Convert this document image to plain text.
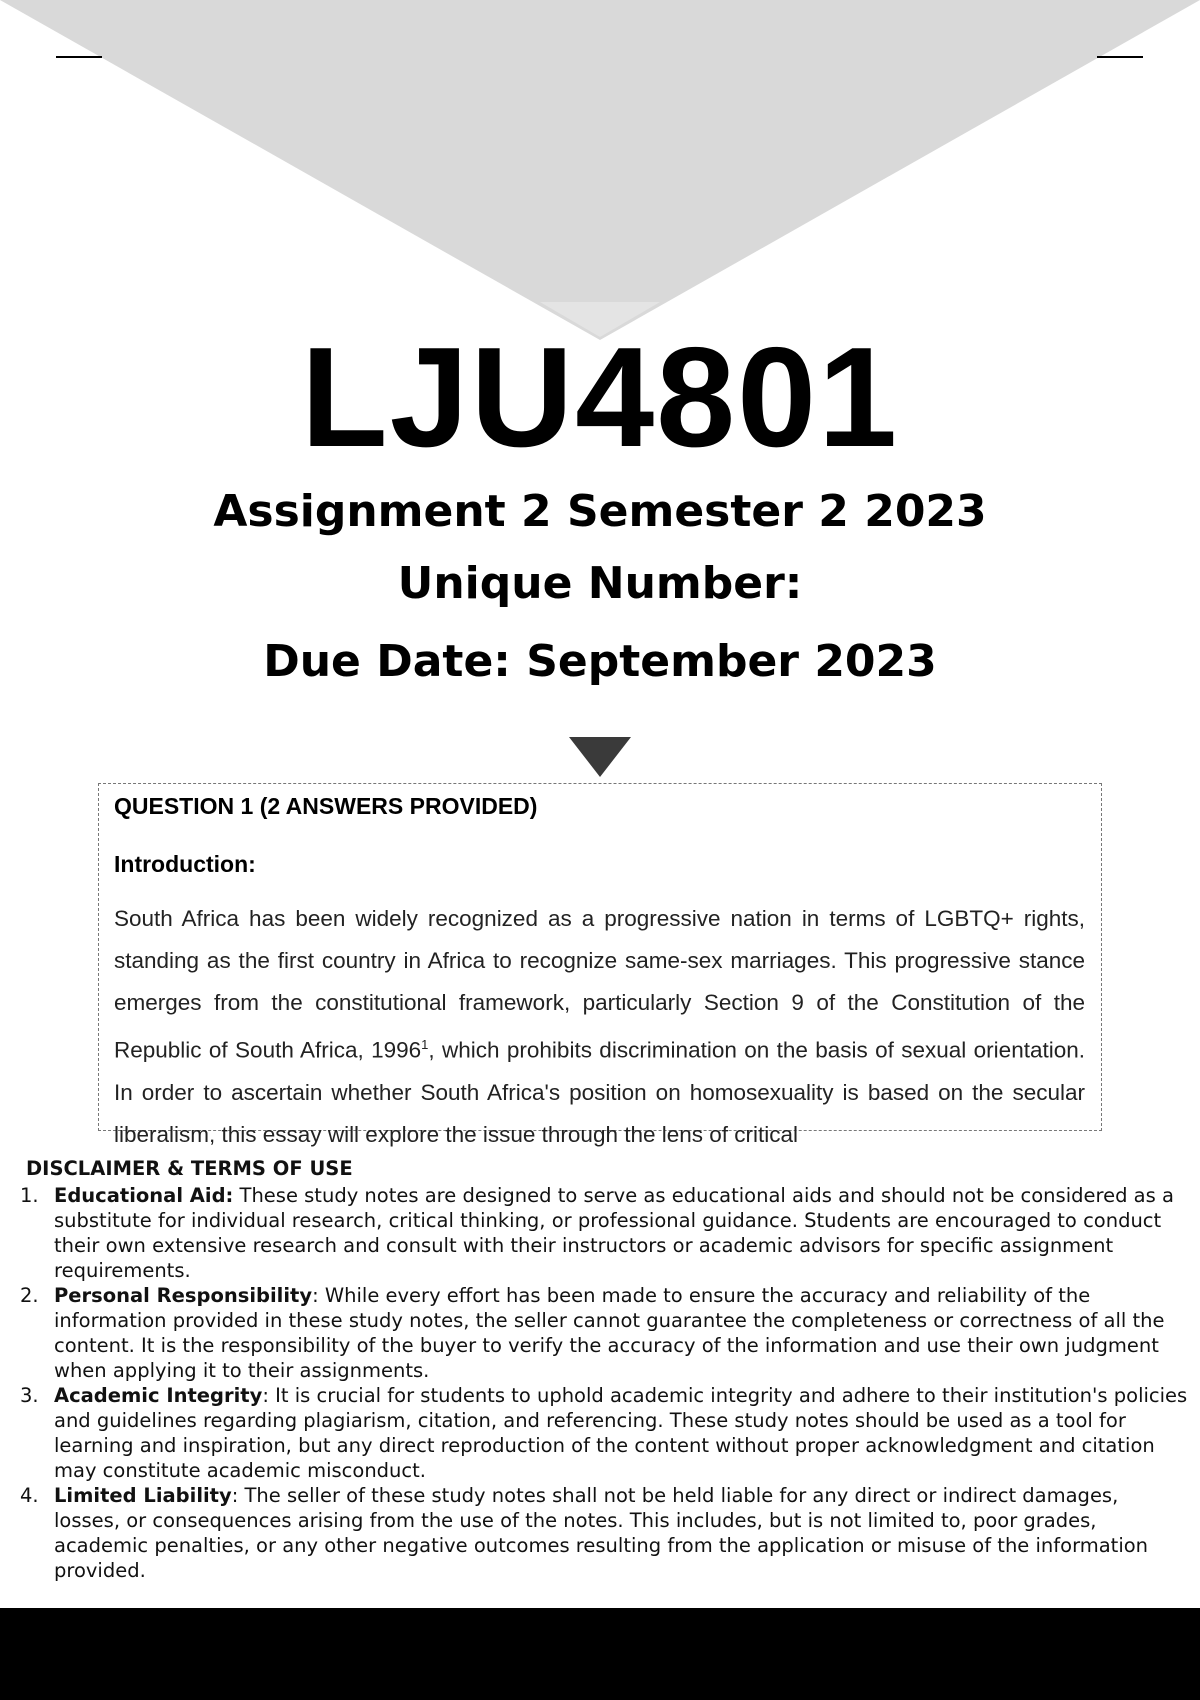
LJU4801
Assignment 2 Semester 2 2023
Unique Number:
Due Date: September 2023

QUESTION 1 (2 ANSWERS PROVIDED)

Introduction:

South Africa has been widely recognized as a progressive nation in terms of LGBTQ+ rights, standing as the first country in Africa to recognize same-sex marriages. This progressive stance emerges from the constitutional framework, particularly Section 9 of the Constitution of the Republic of South Africa, 1996$^1$, which prohibits discrimination on the basis of sexual orientation. In order to ascertain whether South Africa's position on homosexuality is based on the secular liberalism, this essay will explore the issue through the lens of critical

DISCLAIMER & TERMS OF USE
1. Educational Aid: These study notes are designed to serve as educational aids and should not be considered as a substitute for individual research, critical thinking, or professional guidance. Students are encouraged to conduct their own extensive research and consult with their instructors or academic advisors for specific assignment requirements.
2. Personal Responsibility: While every effort has been made to ensure the accuracy and reliability of the information provided in these study notes, the seller cannot guarantee the completeness or correctness of all the content. It is the responsibility of the buyer to verify the accuracy of the information and use their own judgment when applying it to their assignments.
3. Academic Integrity: It is crucial for students to uphold academic integrity and adhere to their institution's policies and guidelines regarding plagiarism, citation, and referencing. These study notes should be used as a tool for learning and inspiration, but any direct reproduction of the content without proper acknowledgment and citation may constitute academic misconduct.
4. Limited Liability: The seller of these study notes shall not be held liable for any direct or indirect damages, losses, or consequences arising from the use of the notes. This includes, but is not limited to, poor grades, academic penalties, or any other negative outcomes resulting from the application or misuse of the information provided.
